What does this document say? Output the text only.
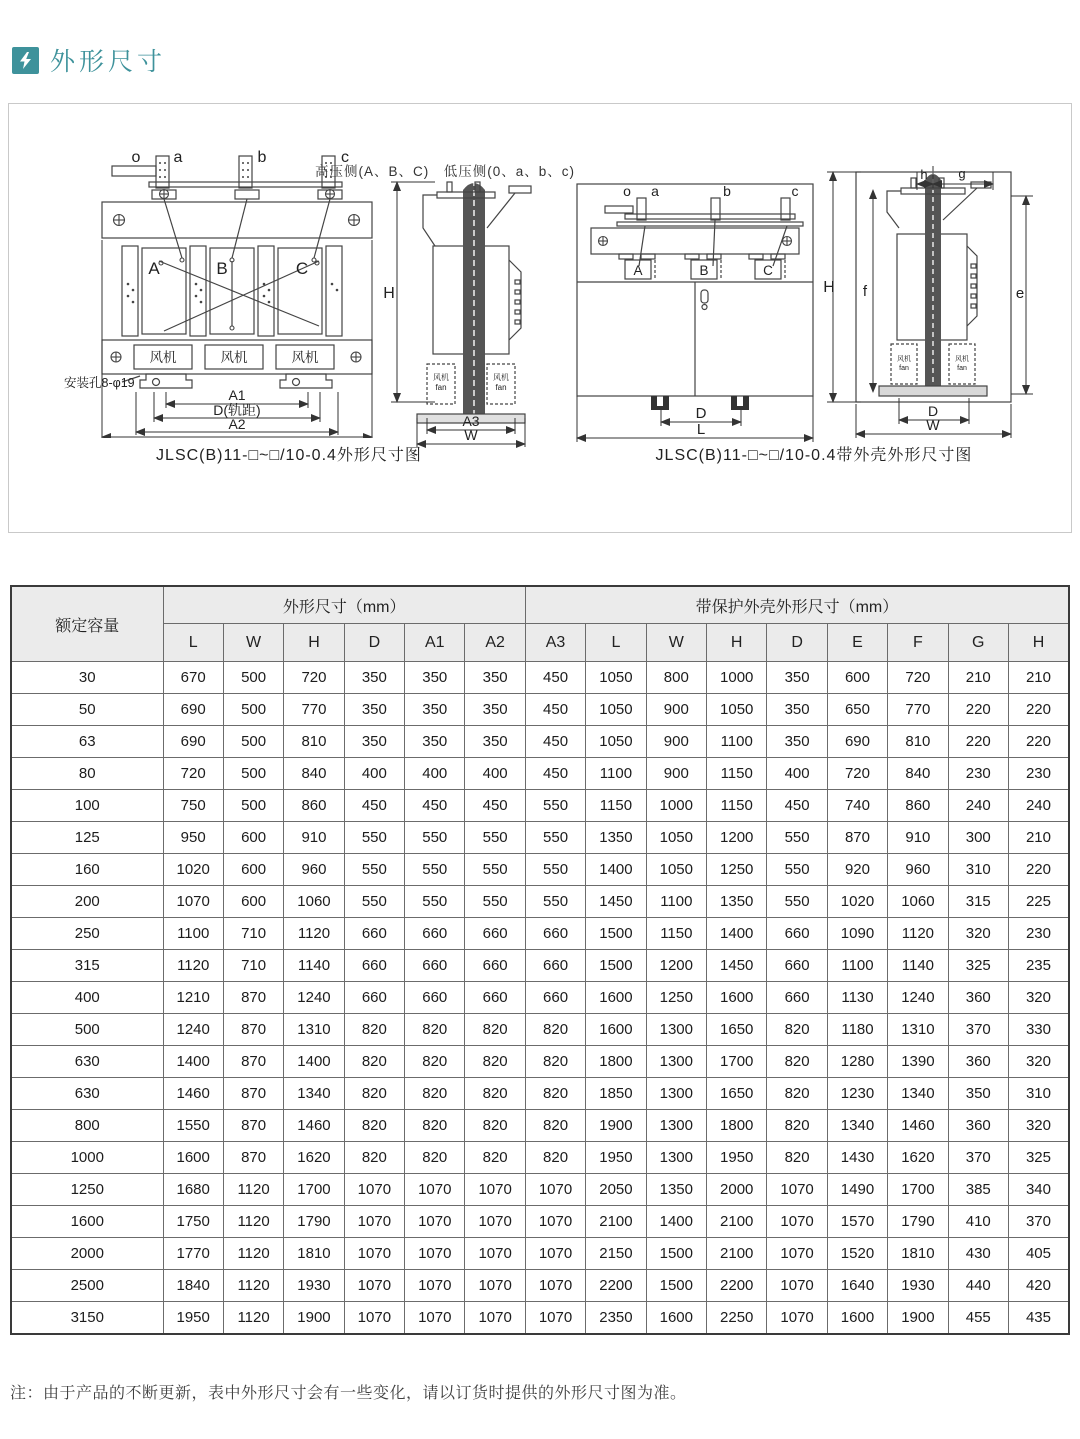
外形尺寸
o a	b	c
A	B	C
风机	风机	风机
安装孔8-φ19
A1
D(轨距)
A2
高压侧(A、B、C)　低压侧(0、a、b、c)
H
风机
fan
风机
fan
A3
W
o a	b	c
A	B	C
D
L
H f
h g
e
风机
fan
风机
fan
D
W
JLSC(B)11-□~□/10-0.4外形尺寸图	JLSC(B)11-□~□/10-0.4带外壳外形尺寸图
额定容量	外形尺寸（mm）						带保护外壳外形尺寸（mm）								
	L	W	H	D	A1	A2	A3	L	W	H	D	E	F	G	H
30	670	500	720	350	350	350	450	1050	800	1000	350	600	720	210	210
50	690	500	770	350	350	350	450	1050	900	1050	350	650	770	220	220
63	690	500	810	350	350	350	450	1050	900	1100	350	690	810	220	220
80	720	500	840	400	400	400	450	1100	900	1150	400	720	840	230	230
100	750	500	860	450	450	450	550	1150	1000	1150	450	740	860	240	240
125	950	600	910	550	550	550	550	1350	1050	1200	550	870	910	300	210
160	1020	600	960	550	550	550	550	1400	1050	1250	550	920	960	310	220
200	1070	600	1060	550	550	550	550	1450	1100	1350	550	1020	1060	315	225
250	1100	710	1120	660	660	660	660	1500	1150	1400	660	1090	1120	320	230
315	1120	710	1140	660	660	660	660	1500	1200	1450	660	1100	1140	325	235
400	1210	870	1240	660	660	660	660	1600	1250	1600	660	1130	1240	360	320
500	1240	870	1310	820	820	820	820	1600	1300	1650	820	1180	1310	370	330
630	1400	870	1400	820	820	820	820	1800	1300	1700	820	1280	1390	360	320
630	1460	870	1340	820	820	820	820	1850	1300	1650	820	1230	1340	350	310
800	1550	870	1460	820	820	820	820	1900	1300	1800	820	1340	1460	360	320
1000	1600	870	1620	820	820	820	820	1950	1300	1950	820	1430	1620	370	325
1250	1680	1120	1700	1070	1070	1070	1070	2050	1350	2000	1070	1490	1700	385	340
1600	1750	1120	1790	1070	1070	1070	1070	2100	1400	2100	1070	1570	1790	410	370
2000	1770	1120	1810	1070	1070	1070	1070	2150	1500	2100	1070	1520	1810	430	405
2500	1840	1120	1930	1070	1070	1070	1070	2200	1500	2200	1070	1640	1930	440	420
3150	1950	1120	1900	1070	1070	1070	1070	2350	1600	2250	1070	1600	1900	455	435
注：由于产品的不断更新，表中外形尺寸会有一些变化，请以订货时提供的外形尺寸图为准。
